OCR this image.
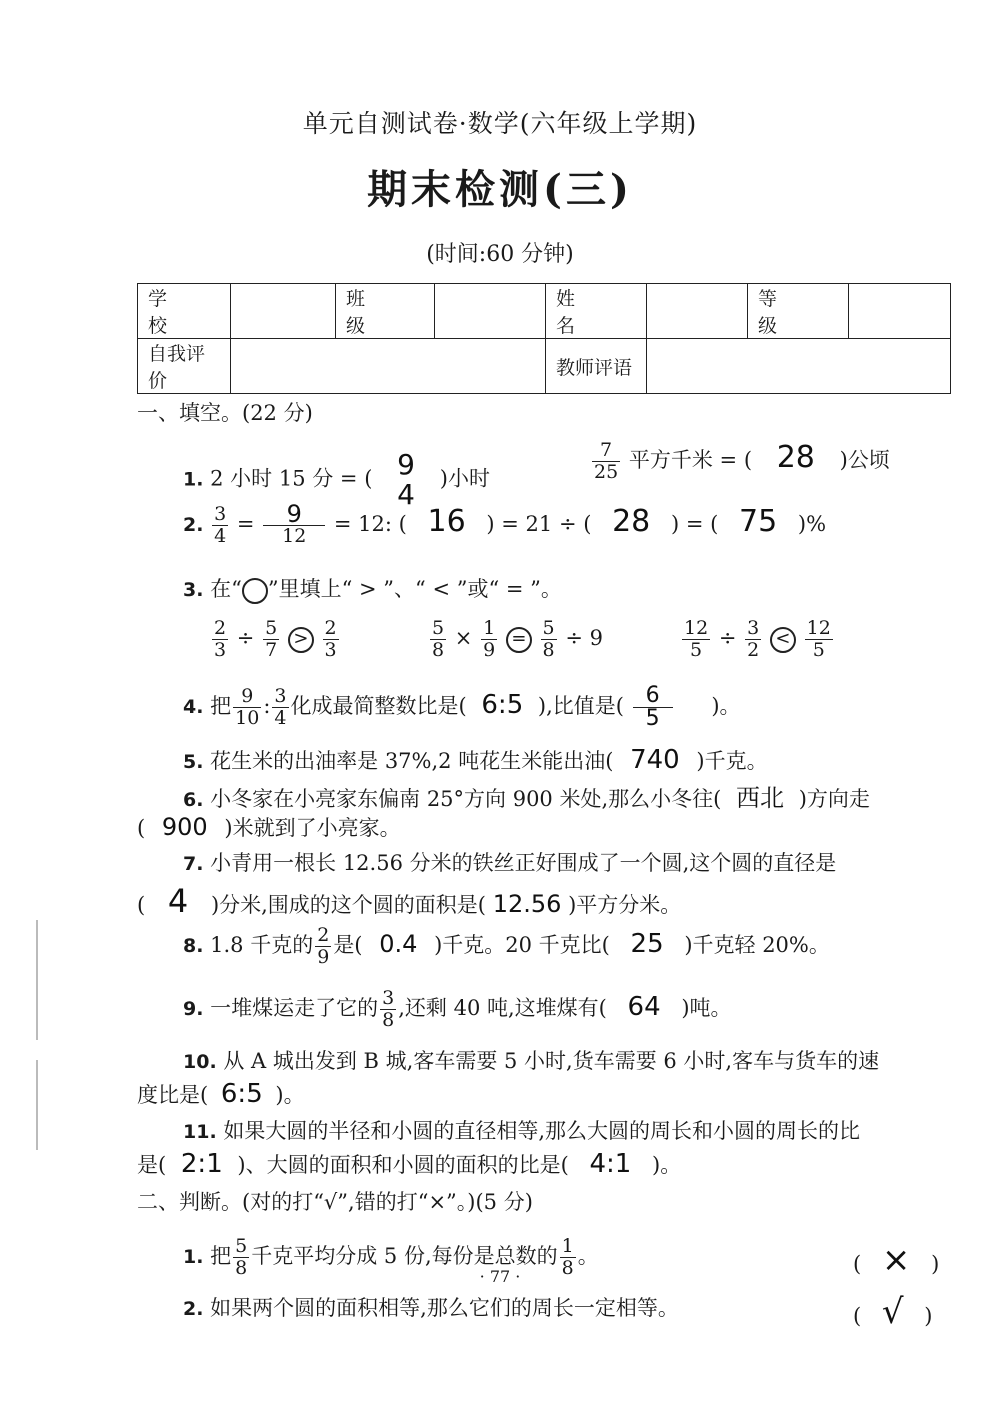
单元自测试卷·数学(六年级上学期)
期末检测(三)
(时间:60 分钟)
学 校		班 级		姓 名		等 级	
自我评价				教师评语			
一、填空。(22 分)
1. 2 小时 15 分 = ( 9
4	)小时	$\frac{7}{25}$ 平方千米 = ( 28 )公顷
2. $\frac{3}{4} = \frac{9}{12} = 12$: ( 16 ) = 21 ÷ ( 28 ) = ( 75 )%
3. 在“ ”里填上“ > ”、“ < ”或“ = ”。
$\frac{2}{3} \div \frac{5}{7} > \frac{2}{3}$	$\frac{5}{8} \times \frac{1}{9} = \frac{5}{8} \div 9$	$\frac{12}{5} \div \frac{3}{2} < \frac{12}{5}$
4. 把 $\frac{9}{10}$ : $\frac{3}{4}$ 化成最简整数比是( 6:5 ),比值是( $\frac{6}{5}$ )。
5. 花生米的出油率是 37%,2 吨花生米能出油( 740 )千克。
6. 小冬家在小亮家东偏南 25°方向 900 米处,那么小冬往( 西北 )方向走
( 900 )米就到了小亮家。
7. 小青用一根长 12.56 分米的铁丝正好围成了一个圆,这个圆的直径是
( 4 )分米,围成的这个圆的面积是( 12.56 )平方分米。
8. 1.8 千克的 $\frac{2}{9}$ 是( 0.4 )千克。20 千克比( 25 )千克轻 20%。
9. 一堆煤运走了它的 $\frac{3}{8}$ ,还剩 40 吨,这堆煤有( 64 )吨。
10. 从 A 城出发到 B 城,客车需要 5 小时,货车需要 6 小时,客车与货车的速
度比是( 6:5 )。
11. 如果大圆的半径和小圆的直径相等,那么大圆的周长和小圆的周长的比
是( 2:1 )、大圆的面积和小圆的面积的比是( 4:1 )。
二、判断。(对的打“√”,错的打“×”。)(5 分)
1. 把 $\frac{5}{8}$ 千克平均分成 5 份,每份是总数的 $\frac{1}{8}$ 。	( × )
2. 如果两个圆的面积相等,那么它们的周长一定相等。	( √ )
· 77 ·
